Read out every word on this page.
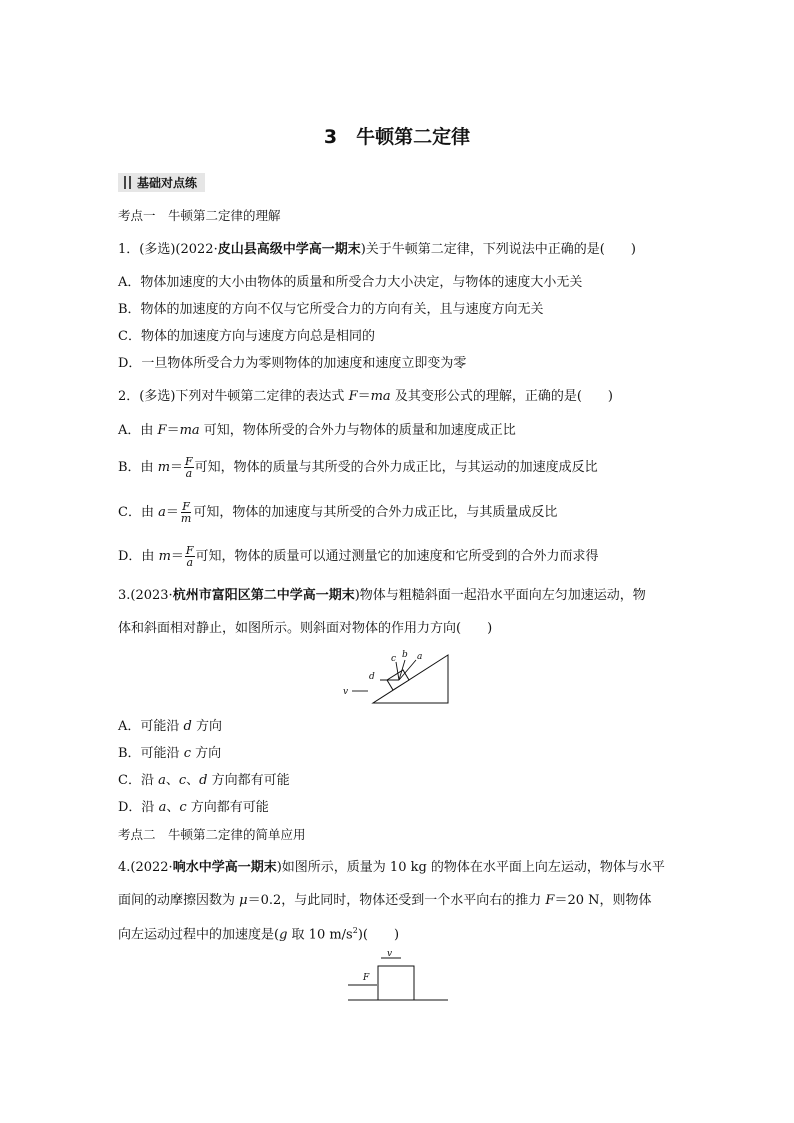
3　牛顿第二定律
基础对点练
考点一　牛顿第二定律的理解
1．(多选)(2022·皮山县高级中学高一期末)关于牛顿第二定律，下列说法中正确的是(　　)
A．物体加速度的大小由物体的质量和所受合力大小决定，与物体的速度大小无关
B．物体的加速度的方向不仅与它所受合力的方向有关，且与速度方向无关
C．物体的加速度方向与速度方向总是相同的
D．一旦物体所受合力为零则物体的加速度和速度立即变为零
2．(多选)下列对牛顿第二定律的表达式 F＝ma 及其变形公式的理解，正确的是(　　)
A．由 F＝ma 可知，物体所受的合外力与物体的质量和加速度成正比
B．由 $m= \frac{F}{a}$ 可知，物体的质量与其所受的合外力成正比，与其运动的加速度成反比
C．由 $a= \frac{F}{m}$ 可知，物体的加速度与其所受的合外力成正比，与其质量成反比
D．由 $m= \frac{F}{a}$ 可知，物体的质量可以通过测量它的加速度和它所受到的合外力而求得
3.(2023·杭州市富阳区第二中学高一期末)物体与粗糙斜面一起沿水平面向左匀加速运动，物
体和斜面相对静止，如图所示。则斜面对物体的作用力方向(　　)
a
b
c
d
v
A．可能沿 d 方向
B．可能沿 c 方向
C．沿 a、c、d 方向都有可能
D．沿 a、c 方向都有可能
考点二　牛顿第二定律的简单应用
4.(2022·响水中学高一期末)如图所示，质量为 10 kg 的物体在水平面上向左运动，物体与水平
面间的动摩擦因数为 μ＝0.2，与此同时，物体还受到一个水平向右的推力 F＝20 N，则物体
向左运动过程中的加速度是(g 取 10 $m/s^2$)(　　)
v
F
